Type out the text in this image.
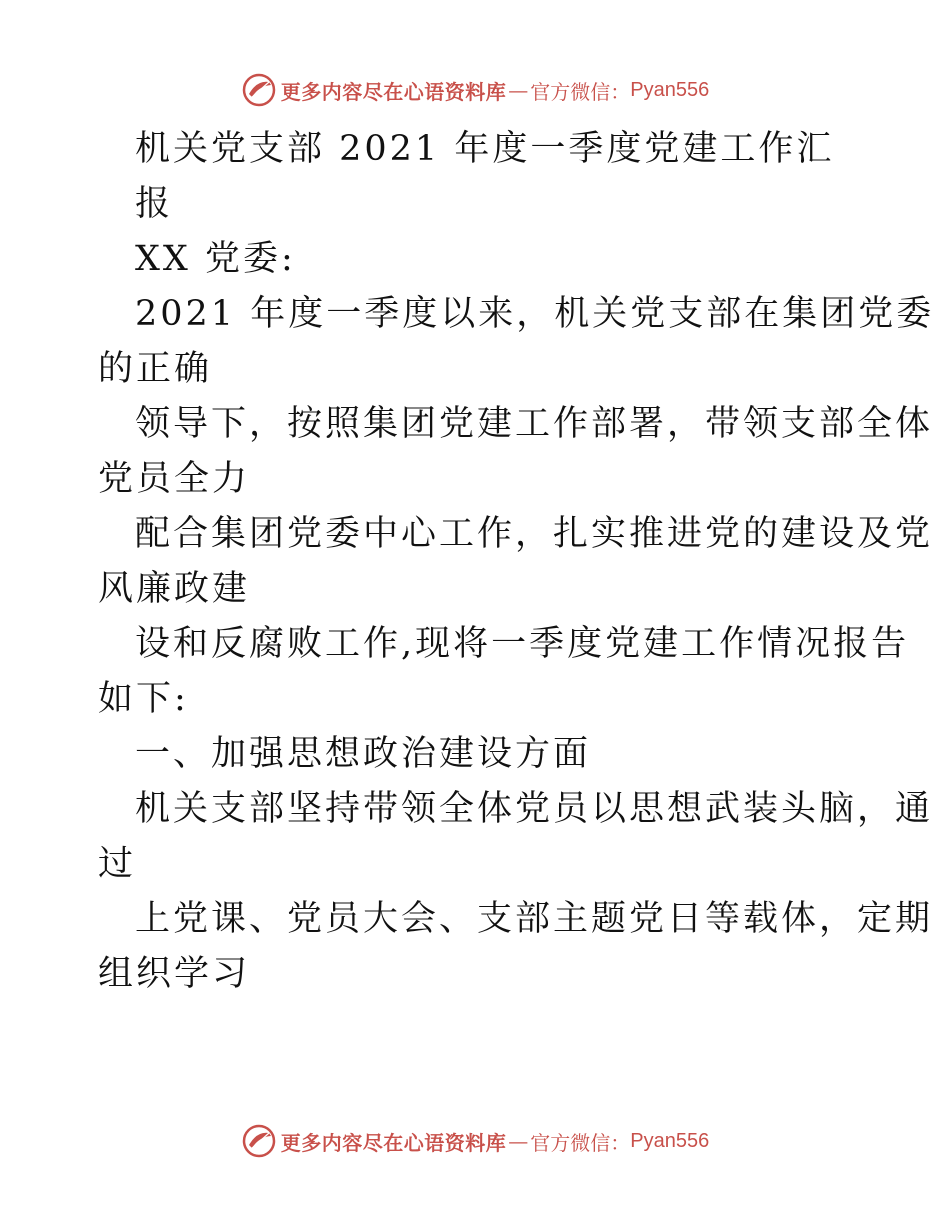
更多内容尽在心语资料库 — 官方微信： Pyan556
机关党支部 2021 年度一季度党建工作汇
报
XX 党委:
2021 年度一季度以来，机关党支部在集团党委
的正确
领导下，按照集团党建工作部署，带领支部全体
党员全力
配合集团党委中心工作，扎实推进党的建设及党
风廉政建
设和反腐败工作,现将一季度党建工作情况报告
如下:
一、加强思想政治建设方面
机关支部坚持带领全体党员以思想武装头脑，通
过
上党课、党员大会、支部主题党日等载体，定期
组织学习
更多内容尽在心语资料库 — 官方微信： Pyan556
